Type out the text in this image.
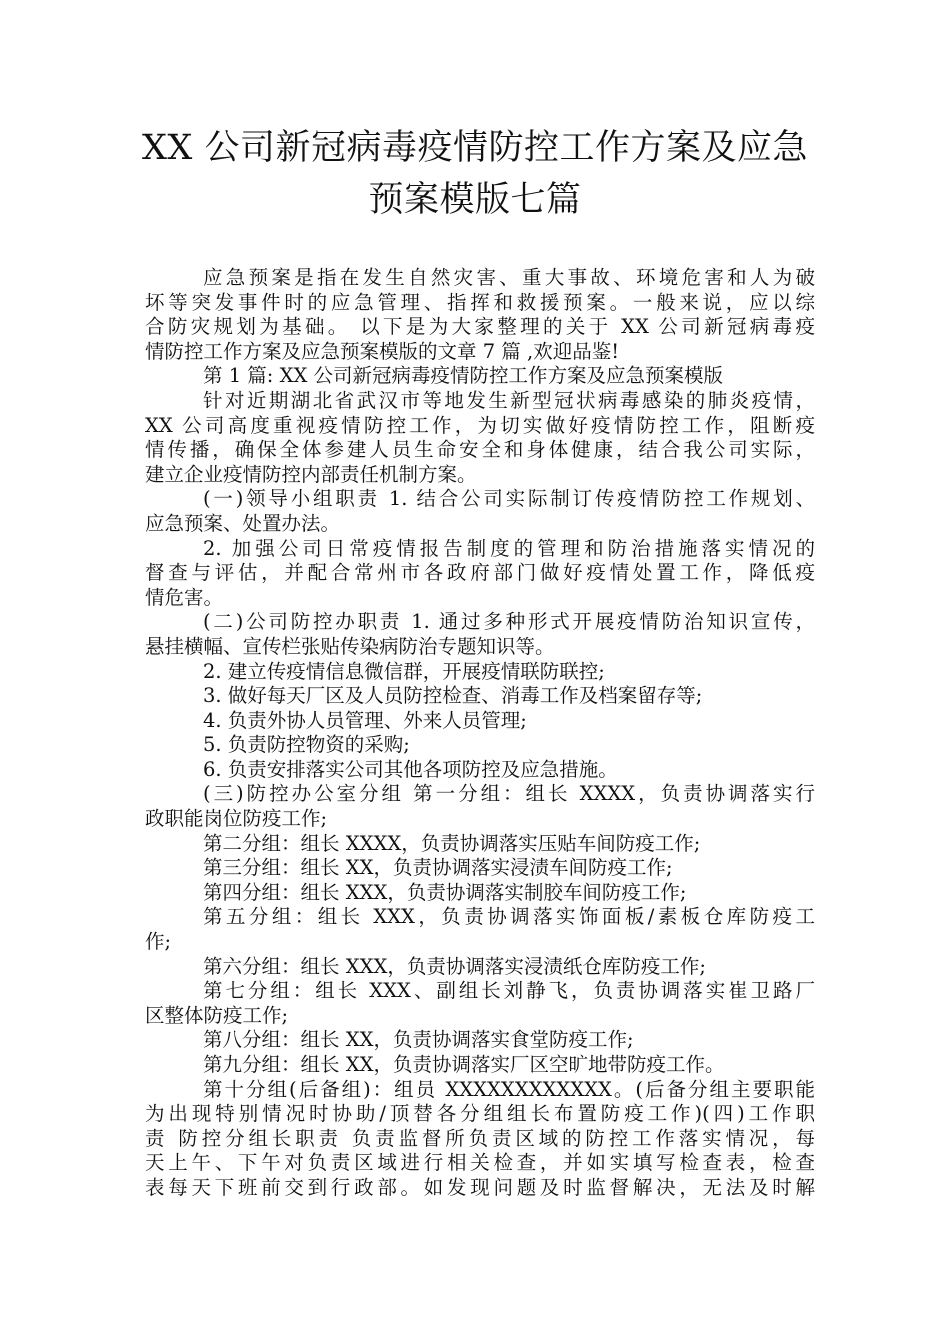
XX 公司新冠病毒疫情防控工作方案及应急
预案模版七篇
应急预案是指在发生自然灾害、重大事故、环境危害和人为破
坏等突发事件时的应急管理、指挥和救援预案。一般来说，应以综
合防灾规划为基础。 以下是为大家整理的关于 XX 公司新冠病毒疫
情防控工作方案及应急预案模版的文章 7 篇 ,欢迎品鉴!
第 1 篇: XX 公司新冠病毒疫情防控工作方案及应急预案模版
针对近期湖北省武汉市等地发生新型冠状病毒感染的肺炎疫情，
XX 公司高度重视疫情防控工作，为切实做好疫情防控工作，阻断疫
情传播，确保全体参建人员生命安全和身体健康，结合我公司实际，
建立企业疫情防控内部责任机制方案。
(一)领导小组职责 1. 结合公司实际制订传疫情防控工作规划、
应急预案、处置办法。
2. 加强公司日常疫情报告制度的管理和防治措施落实情况的
督查与评估，并配合常州市各政府部门做好疫情处置工作，降低疫
情危害。
(二)公司防控办职责 1. 通过多种形式开展疫情防治知识宣传，
悬挂横幅、宣传栏张贴传染病防治专题知识等。
2. 建立传疫情信息微信群，开展疫情联防联控;
3. 做好每天厂区及人员防控检查、消毒工作及档案留存等;
4. 负责外协人员管理、外来人员管理;
5. 负责防控物资的采购;
6. 负责安排落实公司其他各项防控及应急措施。
(三)防控办公室分组 第一分组：组长 XXXX，负责协调落实行
政职能岗位防疫工作;
第二分组：组长 XXXX，负责协调落实压贴车间防疫工作;
第三分组：组长 XX，负责协调落实浸渍车间防疫工作;
第四分组：组长 XXX，负责协调落实制胶车间防疫工作;
第五分组：组长 XXX，负责协调落实饰面板/素板仓库防疫工
作;
第六分组：组长 XXX，负责协调落实浸渍纸仓库防疫工作;
第七分组：组长 XXX、副组长刘静飞，负责协调落实崔卫路厂
区整体防疫工作;
第八分组：组长 XX，负责协调落实食堂防疫工作;
第九分组：组长 XX，负责协调落实厂区空旷地带防疫工作。
第十分组(后备组)：组员 XXXXXXXXXXXX。(后备分组主要职能
为出现特别情况时协助/顶替各分组组长布置防疫工作)(四)工作职
责 防控分组长职责 负责监督所负责区域的防控工作落实情况，每
天上午、下午对负责区域进行相关检查，并如实填写检查表，检查
表每天下班前交到行政部。如发现问题及时监督解决，无法及时解
